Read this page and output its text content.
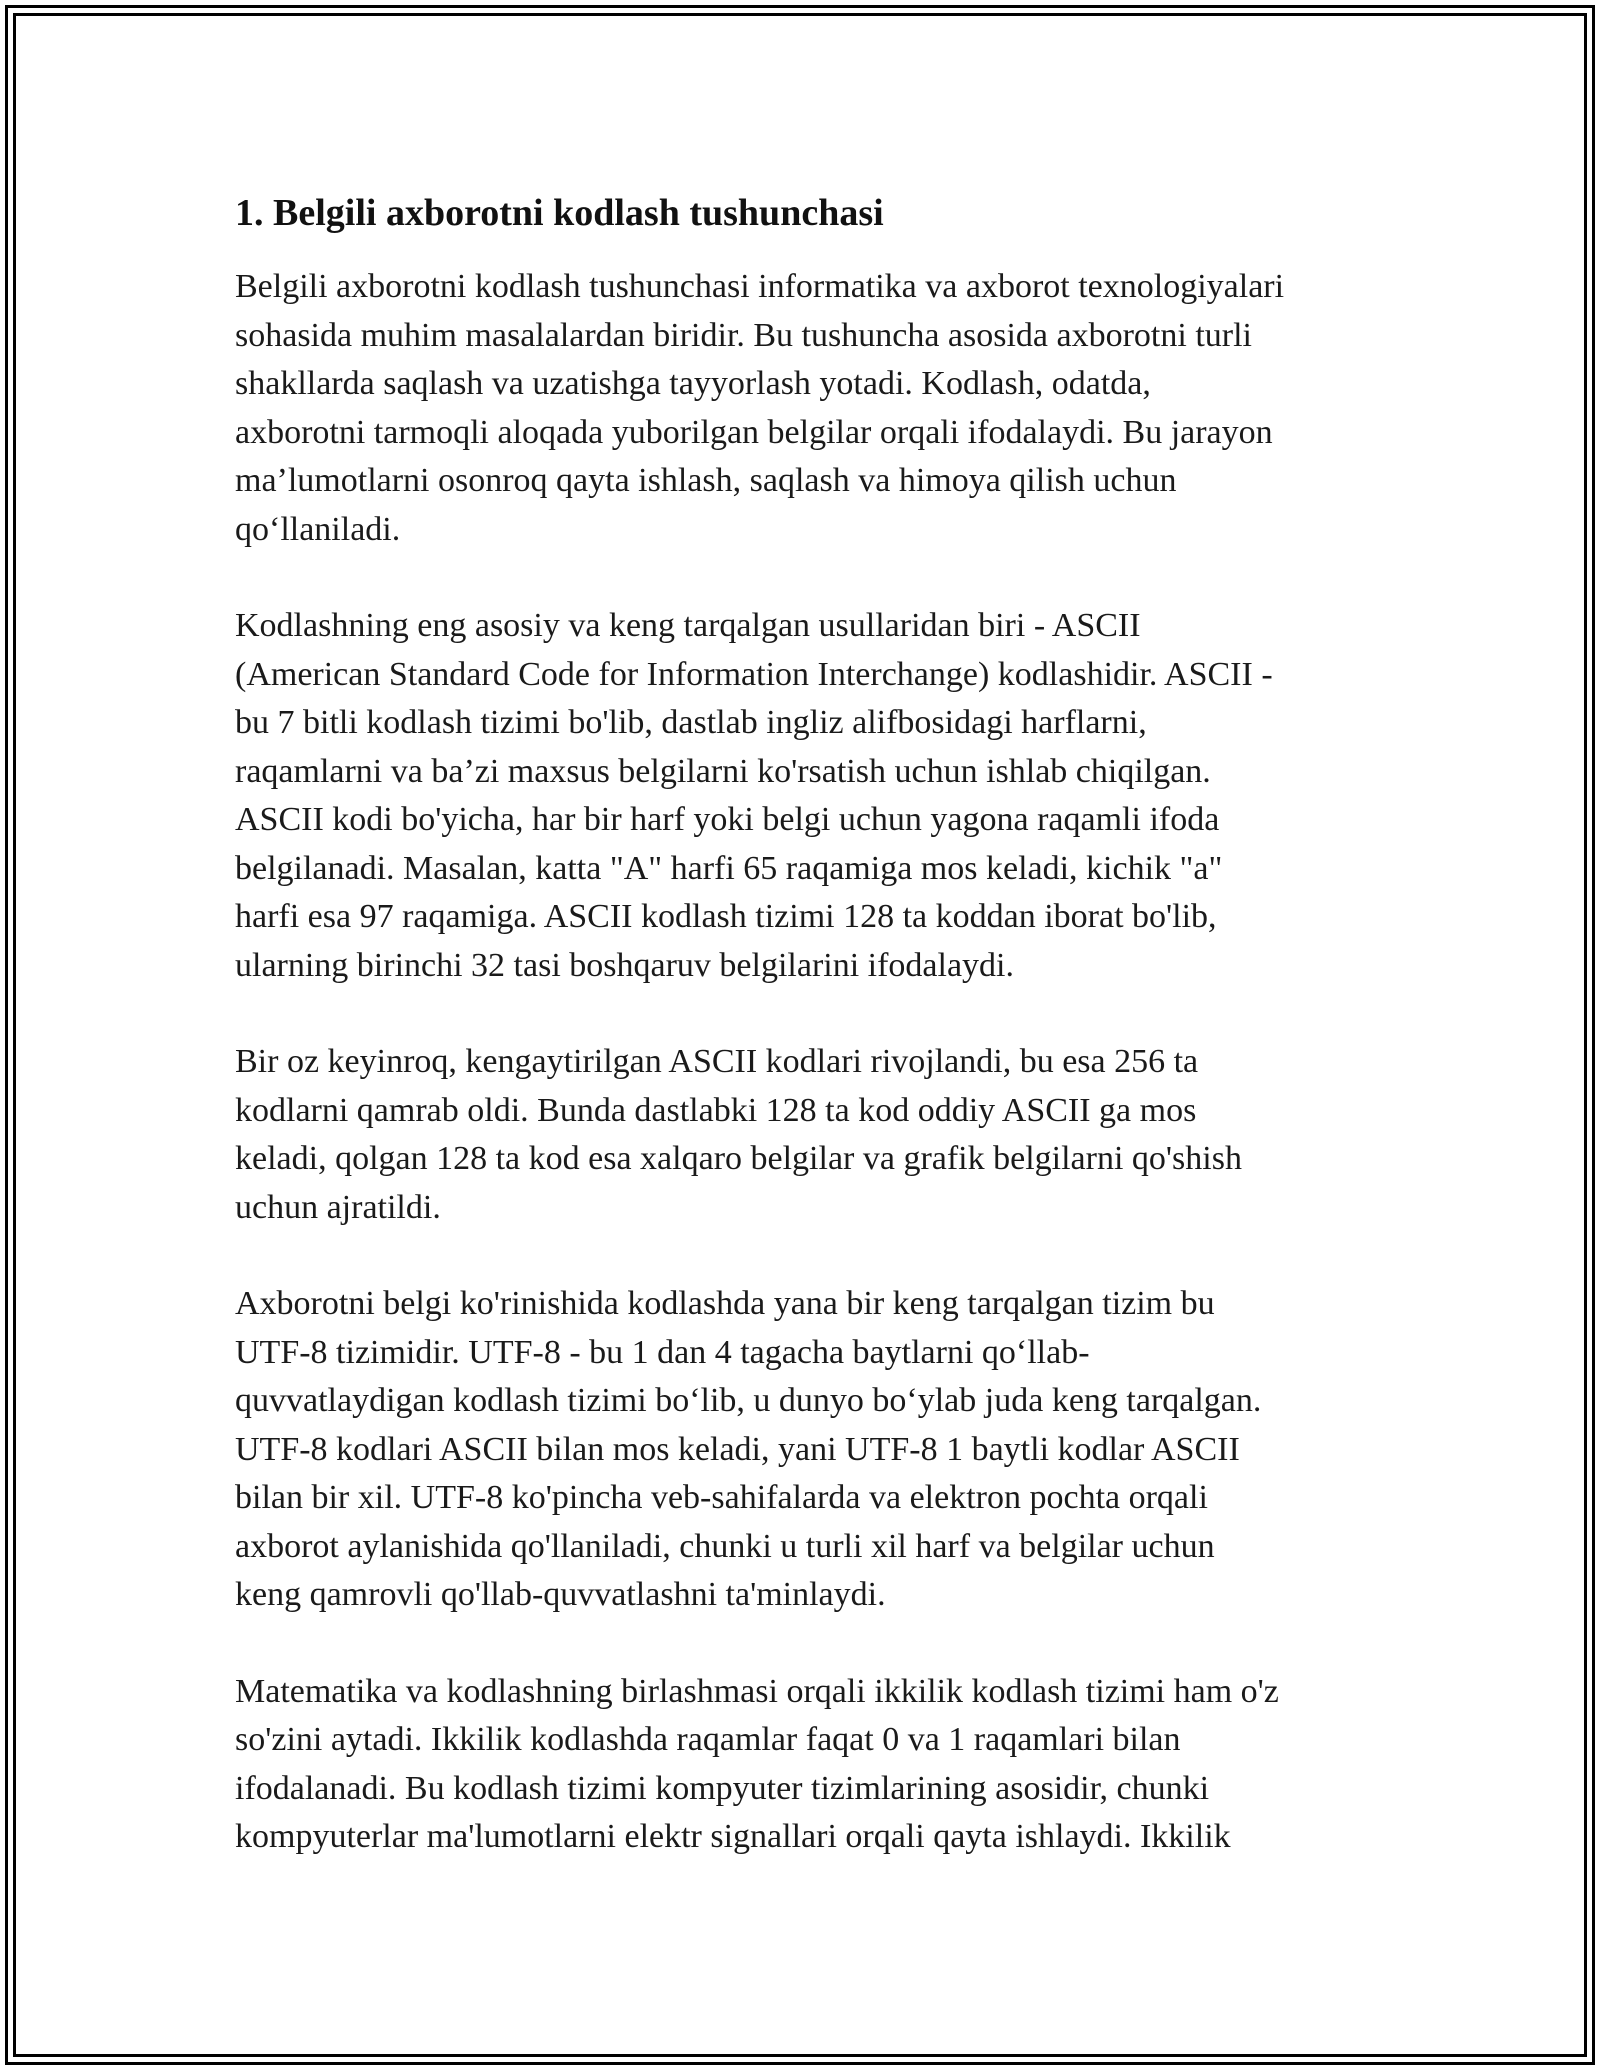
1. Belgili axborotni kodlash tushunchasi

Belgili axborotni kodlash tushunchasi informatika va axborot texnologiyalari
sohasida muhim masalalardan biridir. Bu tushuncha asosida axborotni turli
shakllarda saqlash va uzatishga tayyorlash yotadi. Kodlash, odatda,
axborotni tarmoqli aloqada yuborilgan belgilar orqali ifodalaydi. Bu jarayon
ma’lumotlarni osonroq qayta ishlash, saqlash va himoya qilish uchun
qo‘llaniladi.

Kodlashning eng asosiy va keng tarqalgan usullaridan biri - ASCII
(American Standard Code for Information Interchange) kodlashidir. ASCII -
bu 7 bitli kodlash tizimi bo'lib, dastlab ingliz alifbosidagi harflarni,
raqamlarni va ba’zi maxsus belgilarni ko'rsatish uchun ishlab chiqilgan.
ASCII kodi bo'yicha, har bir harf yoki belgi uchun yagona raqamli ifoda
belgilanadi. Masalan, katta "A" harfi 65 raqamiga mos keladi, kichik "a"
harfi esa 97 raqamiga. ASCII kodlash tizimi 128 ta koddan iborat bo'lib,
ularning birinchi 32 tasi boshqaruv belgilarini ifodalaydi.

Bir oz keyinroq, kengaytirilgan ASCII kodlari rivojlandi, bu esa 256 ta
kodlarni qamrab oldi. Bunda dastlabki 128 ta kod oddiy ASCII ga mos
keladi, qolgan 128 ta kod esa xalqaro belgilar va grafik belgilarni qo'shish
uchun ajratildi.

Axborotni belgi ko'rinishida kodlashda yana bir keng tarqalgan tizim bu
UTF-8 tizimidir. UTF-8 - bu 1 dan 4 tagacha baytlarni qo‘llab-
quvvatlaydigan kodlash tizimi bo‘lib, u dunyo bo‘ylab juda keng tarqalgan.
UTF-8 kodlari ASCII bilan mos keladi, yani UTF-8 1 baytli kodlar ASCII
bilan bir xil. UTF-8 ko'pincha veb-sahifalarda va elektron pochta orqali
axborot aylanishida qo'llaniladi, chunki u turli xil harf va belgilar uchun
keng qamrovli qo'llab-quvvatlashni ta'minlaydi.

Matematika va kodlashning birlashmasi orqali ikkilik kodlash tizimi ham o'z
so'zini aytadi. Ikkilik kodlashda raqamlar faqat 0 va 1 raqamlari bilan
ifodalanadi. Bu kodlash tizimi kompyuter tizimlarining asosidir, chunki
kompyuterlar ma'lumotlarni elektr signallari orqali qayta ishlaydi. Ikkilik
